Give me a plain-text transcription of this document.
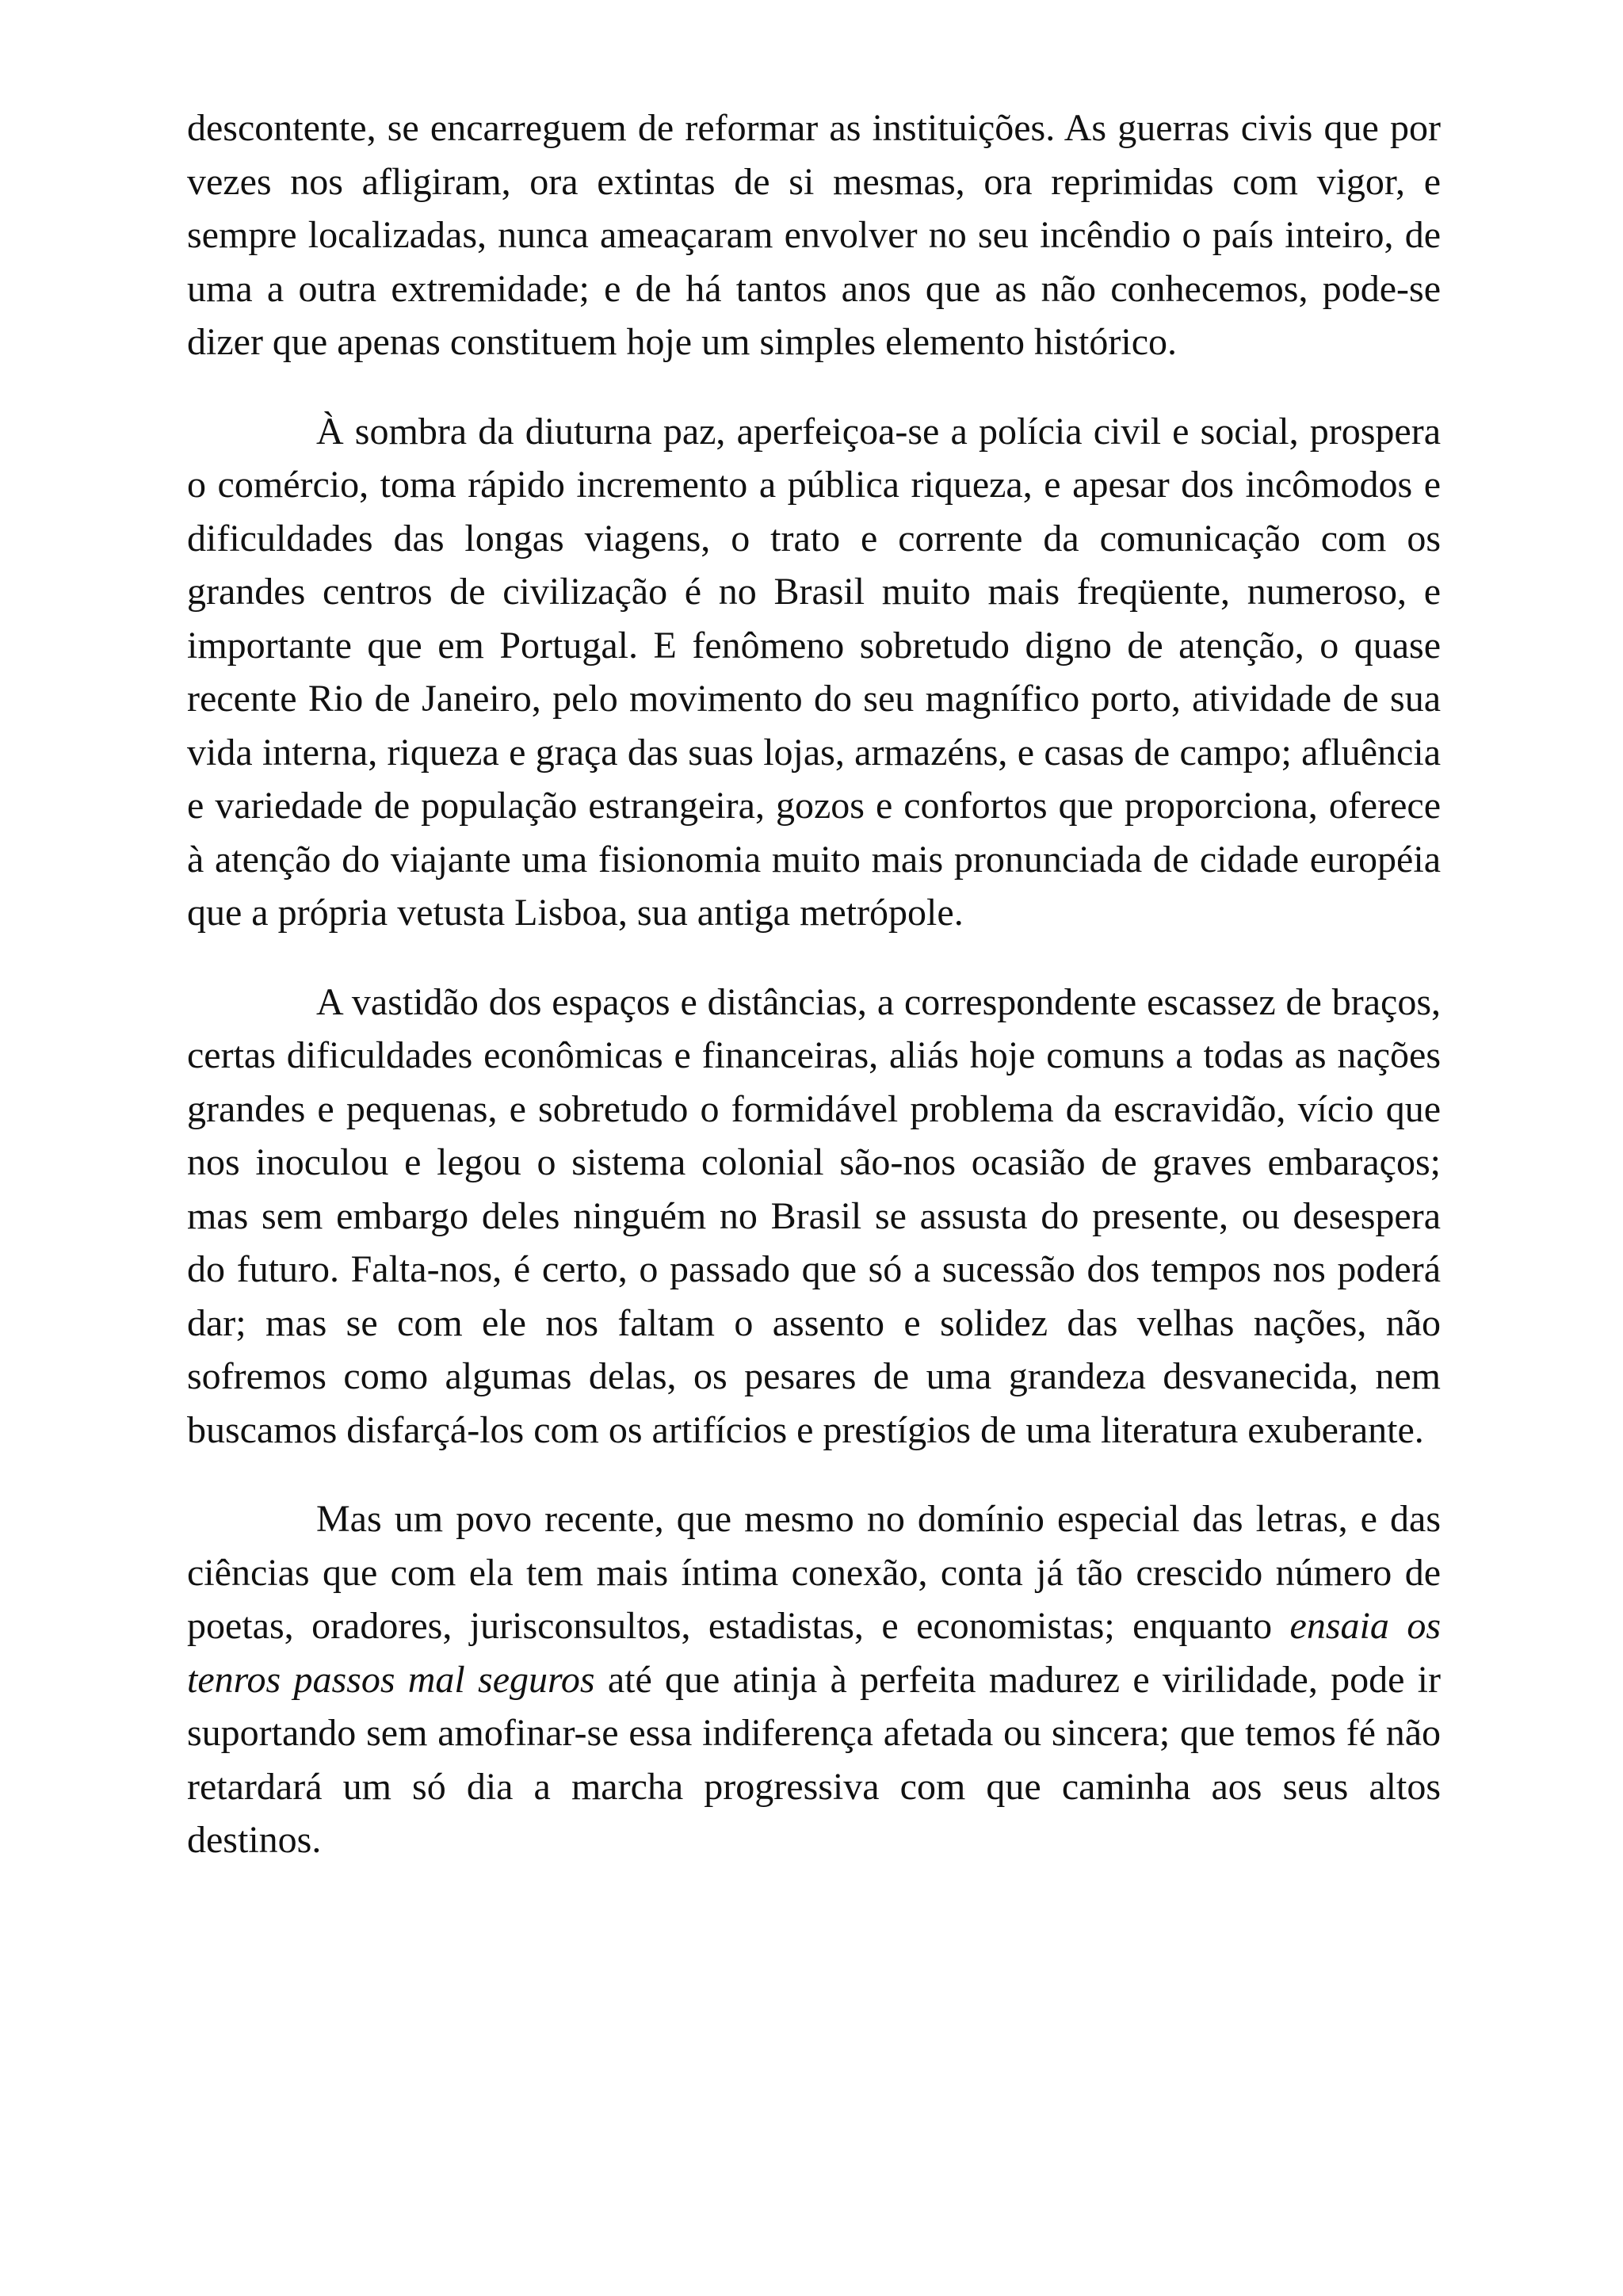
descontente, se encarreguem de reformar as instituições. As guerras civis que por vezes nos afligiram, ora extintas de si mesmas, ora reprimidas com vigor, e sempre localizadas, nunca ameaçaram envolver no seu incêndio o país inteiro, de uma a outra extremidade; e de há tantos anos que as não conhecemos, pode-se dizer que apenas constituem hoje um simples elemento histórico.

À sombra da diuturna paz, aperfeiçoa-se a polícia civil e social, prospera o comércio, toma rápido incremento a pública riqueza, e apesar dos incômodos e dificuldades das longas viagens, o trato e corrente da comunicação com os grandes centros de civilização é no Brasil muito mais freqüente, numeroso, e importante que em Portugal. E fenômeno sobretudo digno de atenção, o quase recente Rio de Janeiro, pelo movimento do seu magnífico porto, atividade de sua vida interna, riqueza e graça das suas lojas, armazéns, e casas de campo; afluência e variedade de população estrangeira, gozos e confortos que proporciona, oferece à atenção do viajante uma fisionomia muito mais pronunciada de cidade européia que a própria vetusta Lisboa, sua antiga metrópole.

A vastidão dos espaços e distâncias, a correspondente escassez de braços, certas dificuldades econômicas e financeiras, aliás hoje comuns a todas as nações grandes e pequenas, e sobretudo o formidável problema da escravidão, vício que nos inoculou e legou o sistema colonial são-nos ocasião de graves embaraços; mas sem embargo deles ninguém no Brasil se assusta do presente, ou desespera do futuro. Falta-nos, é certo, o passado que só a sucessão dos tempos nos poderá dar; mas se com ele nos faltam o assento e solidez das velhas nações, não sofremos como algumas delas, os pesares de uma grandeza desvanecida, nem buscamos disfarçá-los com os artifícios e prestígios de uma literatura exuberante.

Mas um povo recente, que mesmo no domínio especial das letras, e das ciências que com ela tem mais íntima conexão, conta já tão crescido número de poetas, oradores, jurisconsultos, estadistas, e economistas; enquanto ensaia os tenros passos mal seguros até que atinja à perfeita madurez e virilidade, pode ir suportando sem amofinar-se essa indiferença afetada ou sincera; que temos fé não retardará um só dia a marcha progressiva com que caminha aos seus altos destinos.
